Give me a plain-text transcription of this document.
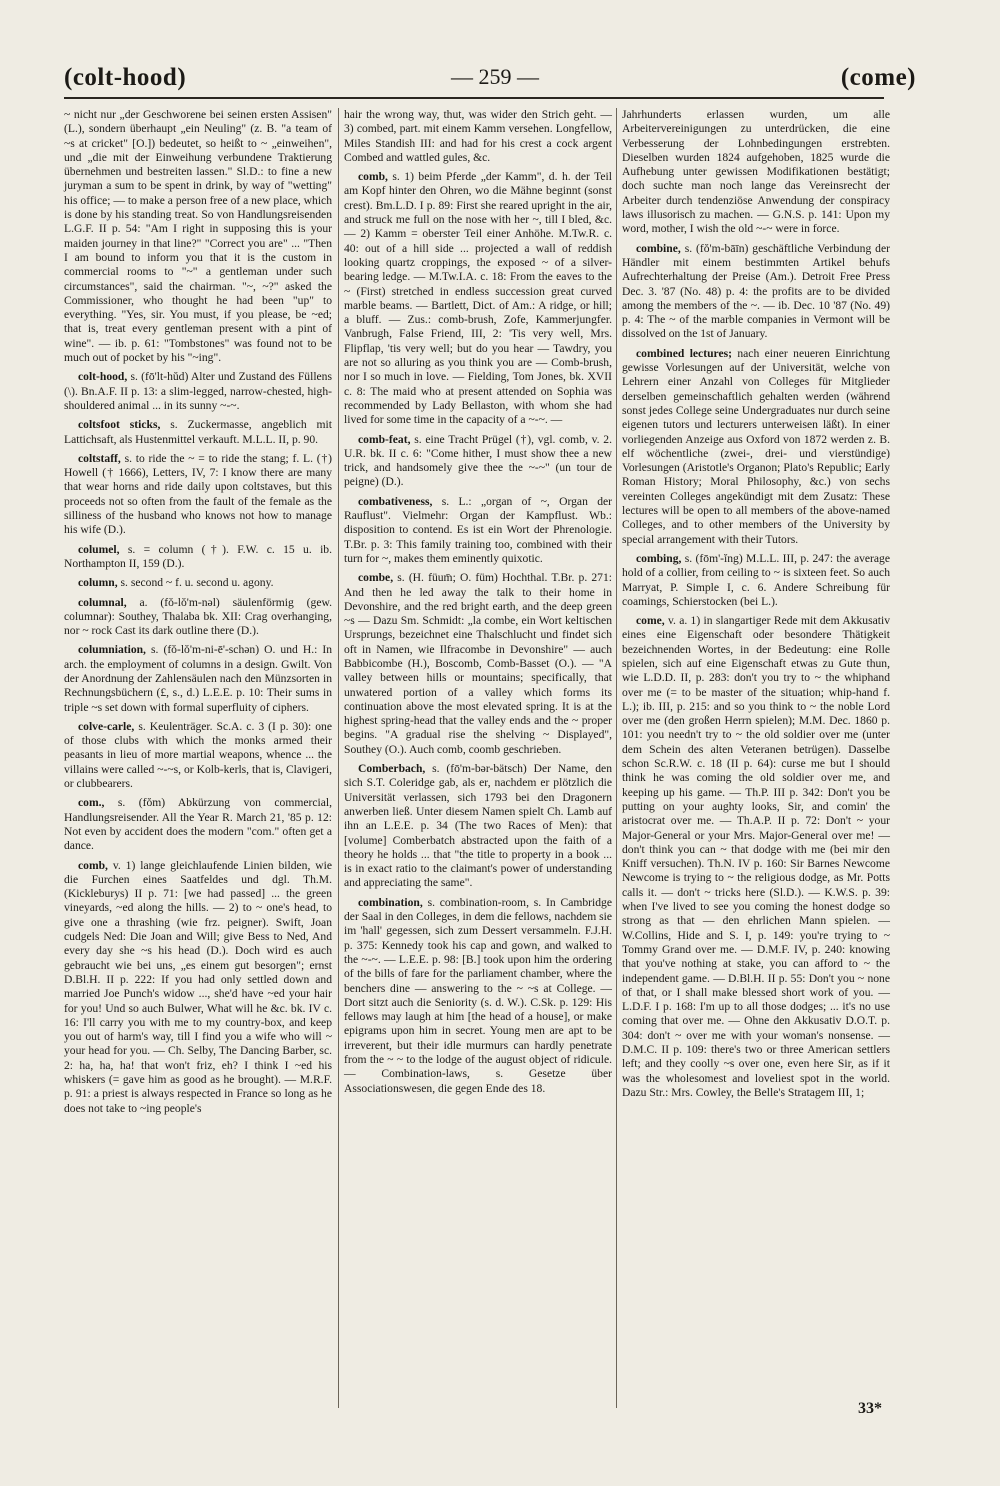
(colt-hood)	— 259 —	(come)

~ nicht nur „der Geschworene bei seinen ersten Assisen" (L.), sondern überhaupt „ein Neuling" (z. B. "a team of ~s at cricket" [O.]) bedeutet, so heißt to ~ „einweihen", und „die mit der Einweihung verbundene Traktierung übernehmen und bestreiten lassen." Sl.D.: to fine a new juryman a sum to be spent in drink, by way of "wetting" his office; — to make a person free of a new place, which is done by his standing treat. So von Handlungsreisenden L.G.F. II p. 54: "Am I right in supposing this is your maiden journey in that line?" "Correct you are" ... "Then I am bound to inform you that it is the custom in commercial rooms to "~" a gentleman under such circumstances", said the chairman. "~, ~?" asked the Commissioner, who thought he had been "up" to everything. "Yes, sir. You must, if you please, be ~ed; that is, treat every gentleman present with a pint of wine". — ib. p. 61: "Tombstones" was found not to be much out of pocket by his "~ing".

colt-hood, s. (fō'lt-hŭd) Alter und Zustand des Füllens (\). Bn.A.F. II p. 13: a slim-legged, narrow-chested, high-shouldered animal ... in its sunny ~-~.

coltsfoot sticks, s. Zuckermasse, angeblich mit Lattichsaft, als Hustenmittel verkauft. M.L.L. II, p. 90.

coltstaff, s. to ride the ~ = to ride the stang; f. L. (†) Howell († 1666), Letters, IV, 7: I know there are many that wear horns and ride daily upon coltstaves, but this proceeds not so often from the fault of the female as the silliness of the husband who knows not how to manage his wife (D.).

columel, s. = column (†). F.W. c. 15 u. ib. Northampton II, 159 (D.).

column, s. second ~ f. u. second u. agony.

columnal, a. (fŏ-lŏ'm-nəl) säulenförmig (gew. columnar): Southey, Thalaba bk. XII: Crag overhanging, nor ~ rock Cast its dark outline there (D.).

columniation, s. (fŏ-lŏ'm-ni-ē'-schən) O. und H.: In arch. the employment of columns in a design. Gwilt. Von der Anordnung der Zahlensäulen nach den Münzsorten in Rechnungsbüchern (£, s., d.) L.E.E. p. 10: Their sums in triple ~s set down with formal superfluity of ciphers.

colve-carle, s. Keulenträger. Sc.A. c. 3 (I p. 30): one of those clubs with which the monks armed their peasants in lieu of more martial weapons, whence ... the villains were called ~-~s, or Kolb-kerls, that is, Clavigeri, or clubbearers.

com., s. (fŏm) Abkürzung von commercial, Handlungsreisender. All the Year R. March 21, '85 p. 12: Not even by accident does the modern "com." often get a dance.

comb, v. 1) lange gleichlaufende Linien bilden, wie die Furchen eines Saatfeldes und dgl. Th.M. (Kickleburys) II p. 71: [we had passed] ... the green vineyards, ~ed along the hills. — 2) to ~ one's head, to give one a thrashing (wie frz. peigner). Swift, Joan cudgels Ned: Die Joan and Will; give Bess to Ned, And every day she ~s his head (D.). Doch wird es auch gebraucht wie bei uns, „es einem gut besorgen"; ernst D.Bl.H. II p. 222: If you had only settled down and married Joe Punch's widow ..., she'd have ~ed your hair for you! Und so auch Bulwer, What will he &c. bk. IV c. 16: I'll carry you with me to my country-box, and keep you out of harm's way, till I find you a wife who will ~ your head for you. — Ch. Selby, The Dancing Barber, sc. 2: ha, ha, ha! that won't friz, eh? I think I ~ed his whiskers (= gave him as good as he brought). — M.R.F. p. 91: a priest is always respected in France so long as he does not take to ~ing people's

hair the wrong way, thut, was wider den Strich geht. — 3) combed, part. mit einem Kamm versehen. Longfellow, Miles Standish III: and had for his crest a cock argent Combed and wattled gules, &c.

comb, s. 1) beim Pferde „der Kamm", d. h. der Teil am Kopf hinter den Ohren, wo die Mähne beginnt (sonst crest). Bm.L.D. I p. 89: First she reared upright in the air, and struck me full on the nose with her ~, till I bled, &c. — 2) Kamm = oberster Teil einer Anhöhe. M.Tw.R. c. 40: out of a hill side ... projected a wall of reddish looking quartz croppings, the exposed ~ of a silver-bearing ledge. — M.Tw.I.A. c. 18: From the eaves to the ~ (First) stretched in endless succession great curved marble beams. — Bartlett, Dict. of Am.: A ridge, or hill; a bluff. — Zus.: comb-brush, Zofe, Kammerjungfer. Vanbrugh, False Friend, III, 2: 'Tis very well, Mrs. Flipflap, 'tis very well; but do you hear — Tawdry, you are not so alluring as you think you are — Comb-brush, nor I so much in love. — Fielding, Tom Jones, bk. XVII c. 8: The maid who at present attended on Sophia was recommended by Lady Bellaston, with whom she had lived for some time in the capacity of a ~-~. —

comb-feat, s. eine Tracht Prügel (†), vgl. comb, v. 2. U.R. bk. II c. 6: "Come hither, I must show thee a new trick, and handsomely give thee the ~-~" (un tour de peigne) (D.).

combativeness, s. L.: „organ of ~, Organ der Rauflust". Vielmehr: Organ der Kampflust. Wb.: disposition to contend. Es ist ein Wort der Phrenologie. T.Br. p. 3: This family training too, combined with their turn for ~, makes them eminently quixotic.

combe, s. (H. füum̄; O. füm) Hochthal. T.Br. p. 271: And then he led away the talk to their home in Devonshire, and the red bright earth, and the deep green ~s — Dazu Sm. Schmidt: „la combe, ein Wort keltischen Ursprungs, bezeichnet eine Thalschlucht und findet sich oft in Namen, wie Ilfracombe in Devonshire" — auch Babbicombe (H.), Boscomb, Comb-Basset (O.). — "A valley between hills or mountains; specifically, that unwatered portion of a valley which forms its continuation above the most elevated spring. It is at the highest spring-head that the valley ends and the ~ proper begins. "A gradual rise the shelving ~ Displayed", Southey (O.). Auch comb, coomb geschrieben.

Comberbach, s. (fō'm-bər-bätsch) Der Name, den sich S.T. Coleridge gab, als er, nachdem er plötzlich die Universität verlassen, sich 1793 bei den Dragonern anwerben ließ. Unter diesem Namen spielt Ch. Lamb auf ihn an L.E.E. p. 34 (The two Races of Men): that [volume] Comberbatch abstracted upon the faith of a theory he holds ... that "the title to property in a book ... is in exact ratio to the claimant's power of understanding and appreciating the same".

combination, s. combination-room, s. In Cambridge der Saal in den Colleges, in dem die fellows, nachdem sie im 'hall' gegessen, sich zum Dessert versammeln. F.J.H. p. 375: Kennedy took his cap and gown, and walked to the ~-~. — L.E.E. p. 98: [B.] took upon him the ordering of the bills of fare for the parliament chamber, where the benchers dine — answering to the ~ ~s at College. — Dort sitzt auch die Seniority (s. d. W.). C.Sk. p. 129: His fellows may laugh at him [the head of a house], or make epigrams upon him in secret. Young men are apt to be irreverent, but their idle murmurs can hardly penetrate from the ~ ~ to the lodge of the august object of ridicule. — Combination-laws, s. Gesetze über Associationswesen, die gegen Ende des 18.

Jahrhunderts erlassen wurden, um alle Arbeitervereinigungen zu unterdrücken, die eine Verbesserung der Lohnbedingungen erstrebten. Dieselben wurden 1824 aufgehoben, 1825 wurde die Aufhebung unter gewissen Modifikationen bestätigt; doch suchte man noch lange das Vereinsrecht der Arbeiter durch tendenziöse Anwendung der conspiracy laws illusorisch zu machen. — G.N.S. p. 141: Upon my word, mother, I wish the old ~-~ were in force.

combine, s. (fŏ'm-bāīn) geschäftliche Verbindung der Händler mit einem bestimmten Artikel behufs Aufrechterhaltung der Preise (Am.). Detroit Free Press Dec. 3. '87 (No. 48) p. 4: the profits are to be divided among the members of the ~. — ib. Dec. 10 '87 (No. 49) p. 4: The ~ of the marble companies in Vermont will be dissolved on the 1st of January.

combined lectures; nach einer neueren Einrichtung gewisse Vorlesungen auf der Universität, welche von Lehrern einer Anzahl von Colleges für Mitglieder derselben gemeinschaftlich gehalten werden (während sonst jedes College seine Undergraduates nur durch seine eigenen tutors und lecturers unterweisen läßt). In einer vorliegenden Anzeige aus Oxford von 1872 werden z. B. elf wöchentliche (zwei-, drei- und vierstündige) Vorlesungen (Aristotle's Organon; Plato's Republic; Early Roman History; Moral Philosophy, &c.) von sechs vereinten Colleges angekündigt mit dem Zusatz: These lectures will be open to all members of the above-named Colleges, and to other members of the University by special arrangement with their Tutors.

combing, s. (fōm'-ĭng) M.L.L. III, p. 247: the average hold of a collier, from ceiling to ~ is sixteen feet. So auch Marryat, P. Simple I, c. 6. Andere Schreibung für coamings, Schierstocken (bei L.).

come, v. a. 1) in slangartiger Rede mit dem Akkusativ eines eine Eigenschaft oder besondere Thätigkeit bezeichnenden Wortes, in der Bedeutung: eine Rolle spielen, sich auf eine Eigenschaft etwas zu Gute thun, wie L.D.D. II, p. 283: don't you try to ~ the whiphand over me (= to be master of the situation; whip-hand f. L.); ib. III, p. 215: and so you think to ~ the noble Lord over me (den großen Herrn spielen); M.M. Dec. 1860 p. 101: you needn't try to ~ the old soldier over me (unter dem Schein des alten Veteranen betrügen). Dasselbe schon Sc.R.W. c. 18 (II p. 64): curse me but I should think he was coming the old soldier over me, and keeping up his game. — Th.P. III p. 342: Don't you be putting on your aughty looks, Sir, and comin' the aristocrat over me. — Th.A.P. II p. 72: Don't ~ your Major-General or your Mrs. Major-General over me! — don't think you can ~ that dodge with me (bei mir den Kniff versuchen). Th.N. IV p. 160: Sir Barnes Newcome Newcome is trying to ~ the religious dodge, as Mr. Potts calls it. — don't ~ tricks here (Sl.D.). — K.W.S. p. 39: when I've lived to see you coming the honest dodge so strong as that — den ehrlichen Mann spielen. — W.Collins, Hide and S. I, p. 149: you're trying to ~ Tommy Grand over me. — D.M.F. IV, p. 240: knowing that you've nothing at stake, you can afford to ~ the independent game. — D.Bl.H. II p. 55: Don't you ~ none of that, or I shall make blessed short work of you. — L.D.F. I p. 168: I'm up to all those dodges; ... it's no use coming that over me. — Ohne den Akkusativ D.O.T. p. 304: don't ~ over me with your woman's nonsense. — D.M.C. II p. 109: there's two or three American settlers left; and they coolly ~s over one, even here Sir, as if it was the wholesomest and loveliest spot in the world. Dazu Str.: Mrs. Cowley, the Belle's Stratagem III, 1;

33*
